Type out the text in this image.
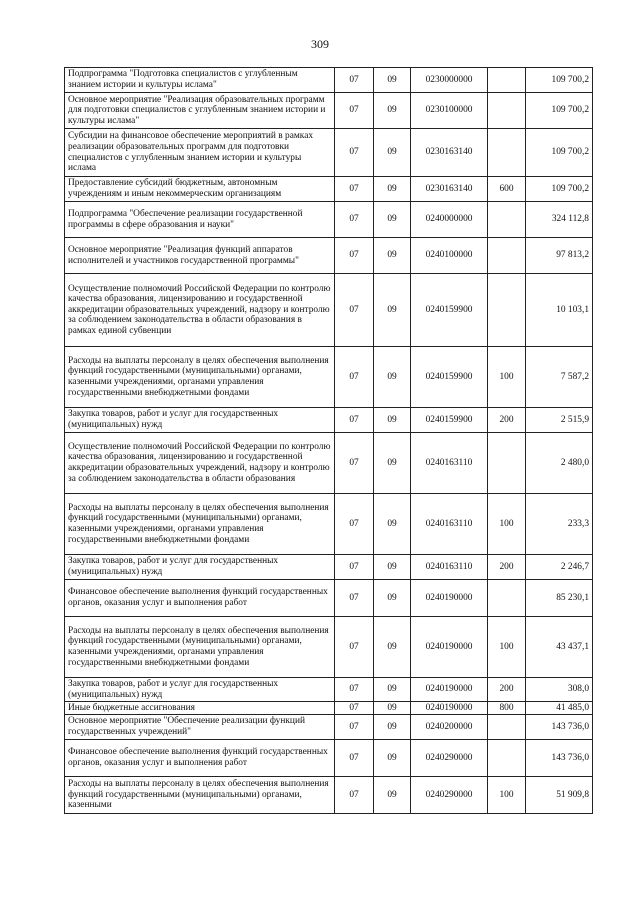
309
Подпрограмма "Подготовка специалистов с углубленным знанием истории и культуры ислама"	07	09	0230000000		109 700,2
Основное мероприятие "Реализация образовательных программ для подготовки специалистов с углубленным знанием истории и культуры ислама"	07	09	0230100000		109 700,2
Субсидии на финансовое обеспечение мероприятий в рамках реализации образовательных программ для подготовки специалистов с углубленным знанием истории и культуры ислама	07	09	0230163140		109 700,2
Предоставление субсидий бюджетным, автономным учреждениям и иным некоммерческим организациям	07	09	0230163140	600	109 700,2
Подпрограмма "Обеспечение реализации государственной программы в сфере образования и науки"	07	09	0240000000		324 112,8
Основное мероприятие "Реализация функций аппаратов исполнителей и участников государственной программы"	07	09	0240100000		97 813,2
Осуществление полномочий Российской Федерации по контролю качества образования, лицензированию и государственной аккредитации образовательных учреждений, надзору и контролю за соблюдением законодательства в области образования в рамках единой субвенции	07	09	0240159900		10 103,1
Расходы на выплаты персоналу в целях обеспечения выполнения функций государственными (муниципальными) органами, казенными учреждениями, органами управления государственными внебюджетными фондами	07	09	0240159900	100	7 587,2
Закупка товаров, работ и услуг для государственных (муниципальных) нужд	07	09	0240159900	200	2 515,9
Осуществление полномочий Российской Федерации по контролю качества образования, лицензированию и государственной аккредитации образовательных учреждений, надзору и контролю за соблюдением законодательства в области образования	07	09	0240163110		2 480,0
Расходы на выплаты персоналу в целях обеспечения выполнения функций государственными (муниципальными) органами, казенными учреждениями, органами управления государственными внебюджетными фондами	07	09	0240163110	100	233,3
Закупка товаров, работ и услуг для государственных (муниципальных) нужд	07	09	0240163110	200	2 246,7
Финансовое обеспечение выполнения функций государственных органов, оказания услуг и выполнения работ	07	09	0240190000		85 230,1
Расходы на выплаты персоналу в целях обеспечения выполнения функций государственными (муниципальными) органами, казенными учреждениями, органами управления государственными внебюджетными фондами	07	09	0240190000	100	43 437,1
Закупка товаров, работ и услуг для государственных (муниципальных) нужд	07	09	0240190000	200	308,0
Иные бюджетные ассигнования	07	09	0240190000	800	41 485,0
Основное мероприятие "Обеспечение реализации функций государственных учреждений"	07	09	0240200000		143 736,0
Финансовое обеспечение выполнения функций государственных органов, оказания услуг и выполнения работ	07	09	0240290000		143 736,0
Расходы на выплаты персоналу в целях обеспечения выполнения функций государственными (муниципальными) органами, казенными	07	09	0240290000	100	51 909,8
